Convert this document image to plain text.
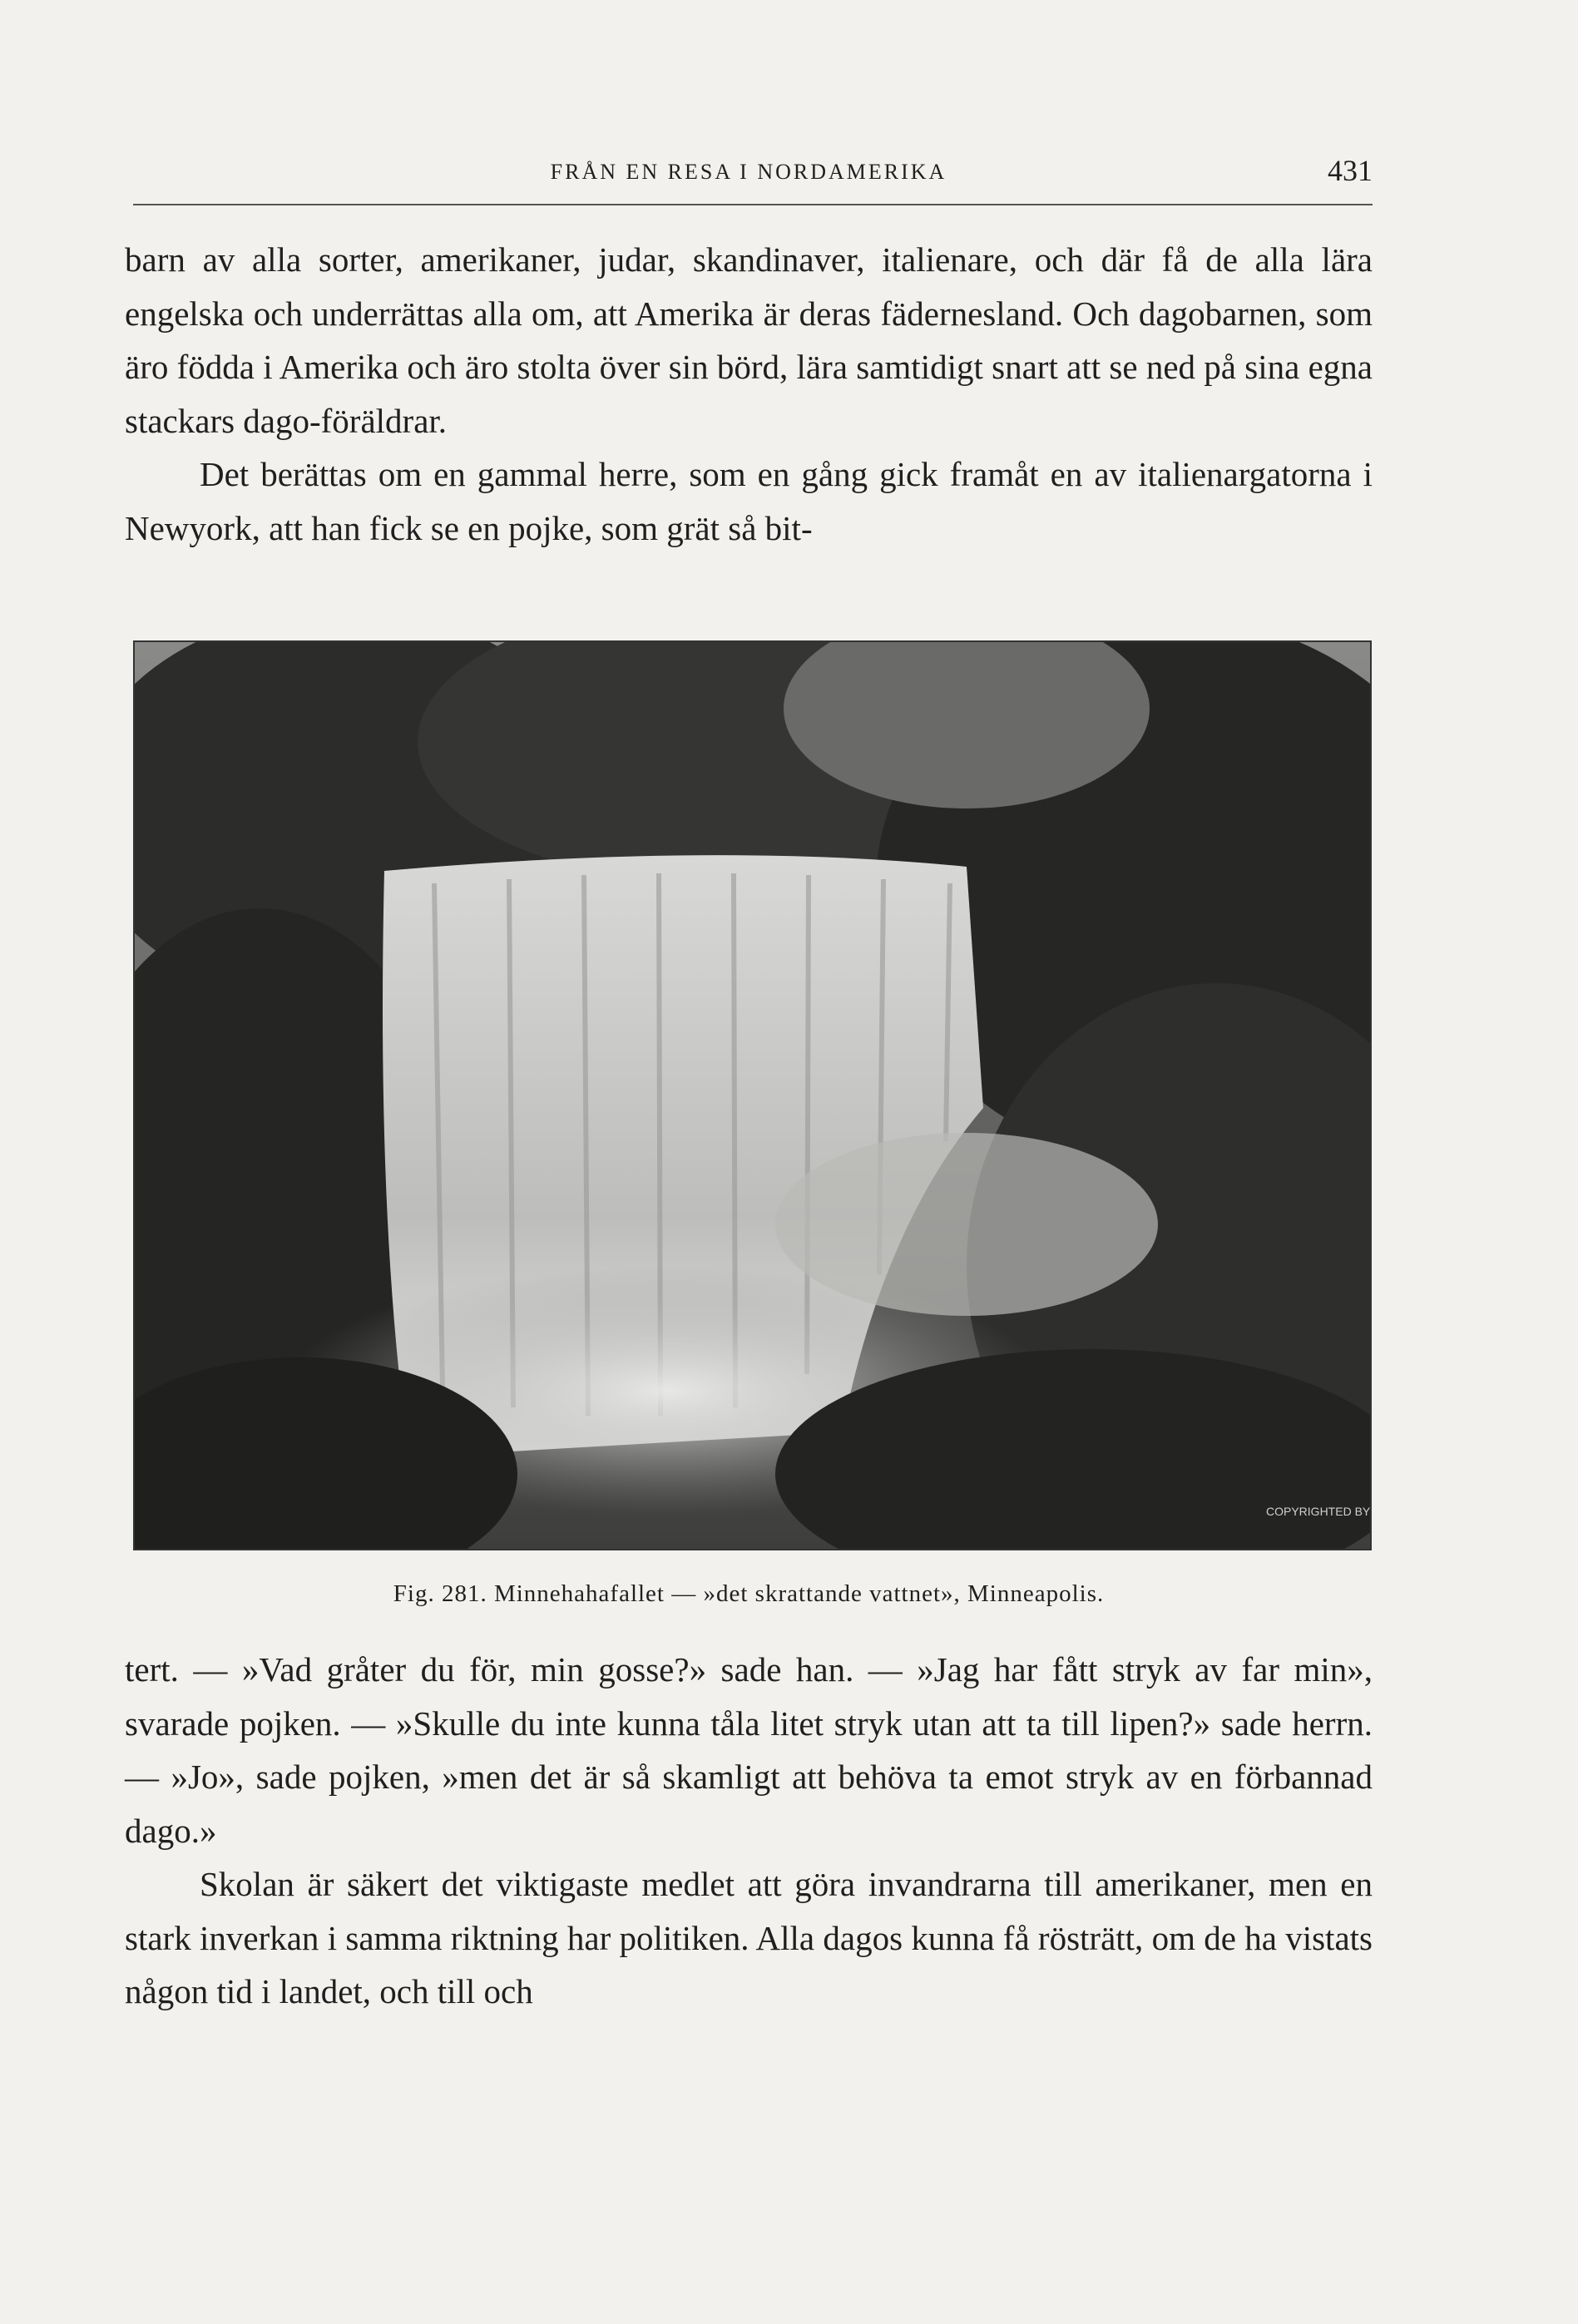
FRÅN EN RESA I NORDAMERIKA	431

barn av alla sorter, amerikaner, judar, skandinaver, italienare, och där få de alla lära engelska och underrättas alla om, att Amerika är deras fädernesland. Och dagobarnen, som äro födda i Amerika och äro stolta över sin börd, lära samtidigt snart att se ned på sina egna stackars dago-föräldrar.

Det berättas om en gammal herre, som en gång gick framåt en av italienargatorna i Newyork, att han fick se en pojke, som grät så bit-

COPYRIGHTED BY
Fig. 281. Minnehahafallet — »det skrattande vattnet», Minneapolis.

tert. — »Vad gråter du för, min gosse?» sade han. — »Jag har fått stryk av far min», svarade pojken. — »Skulle du inte kunna tåla litet stryk utan att ta till lipen?» sade herrn. — »Jo», sade pojken, »men det är så skamligt att behöva ta emot stryk av en förbannad dago.»

Skolan är säkert det viktigaste medlet att göra invandrarna till amerikaner, men en stark inverkan i samma riktning har politiken. Alla dagos kunna få rösträtt, om de ha vistats någon tid i landet, och till och
